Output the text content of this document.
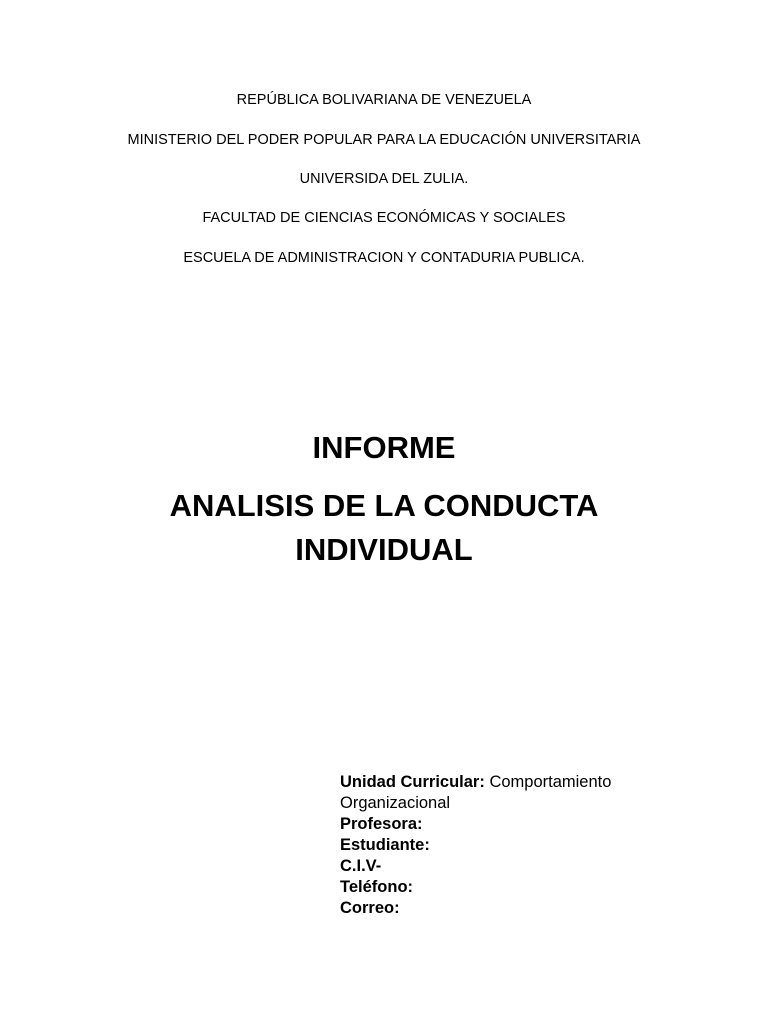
REPÚBLICA BOLIVARIANA DE VENEZUELA
MINISTERIO DEL PODER POPULAR PARA LA EDUCACIÓN UNIVERSITARIA
UNIVERSIDA DEL ZULIA.
FACULTAD DE CIENCIAS ECONÓMICAS Y SOCIALES
ESCUELA DE ADMINISTRACION Y CONTADURIA PUBLICA.
INFORME
ANALISIS DE LA CONDUCTA
INDIVIDUAL
Unidad Curricular: Comportamiento
Organizacional
Profesora:
Estudiante:
C.I.V-
Teléfono:
Correo:
